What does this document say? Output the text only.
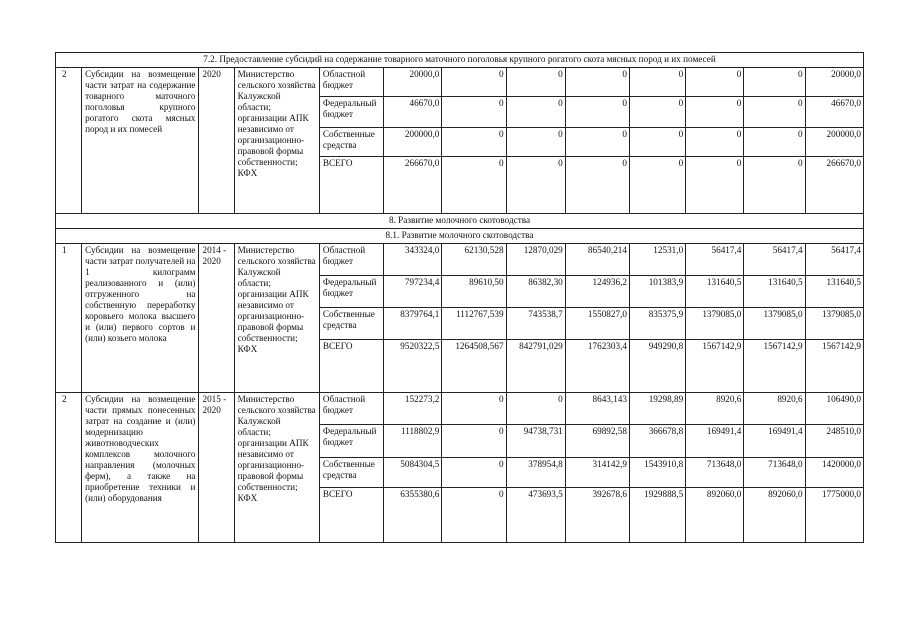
7.2. Предоставление субсидий на содержание товарного маточного поголовья крупного рогатого скота мясных пород и их помесей												
2	Субсидии на возмещение части затрат на содержание товарного маточного поголовья крупного рогатого скота мясных пород и их помесей	2020	Министерство сельского хозяйства Калужской области; организации АПК независимо от организационно-правовой формы собственности; КФХ	Областной бюджет	20000,0	0	0	0	0	0	0	20000,0
				Федеральный бюджет	46670,0	0	0	0	0	0	0	46670,0
				Собственные средства	200000,0	0	0	0	0	0	0	200000,0
				ВСЕГО	266670,0	0	0	0	0	0	0	266670,0
8. Развитие молочного скотоводства												
8.1. Развитие молочного скотоводства												
1	Субсидии на возмещение части затрат получателей на 1 килограмм реализованного и (или) отгруженного на собственную переработку коровьего молока высшего и (или) первого сортов и (или) козьего молока	2014 - 2020	Министерство сельского хозяйства Калужской области; организации АПК независимо от организационно-правовой формы собственности; КФХ	Областной бюджет	343324,0	62130,528	12870,029	86540,214	12531,0	56417,4	56417,4	56417,4
				Федеральный бюджет	797234,4	89610,50	86382,30	124936,2	101383,9	131640,5	131640,5	131640,5
				Собственные средства	8379764,1	1112767,539	743538,7	1550827,0	835375,9	1379085,0	1379085,0	1379085,0
				ВСЕГО	9520322,5	1264508,567	842791,029	1762303,4	949290,8	1567142,9	1567142,9	1567142,9
2	Субсидии на возмещение части прямых понесенных затрат на создание и (или) модернизацию животноводческих комплексов молочного направления (молочных ферм), а также на приобретение техники и (или) оборудования	2015 - 2020	Министерство сельского хозяйства Калужской области; организации АПК независимо от организационно-правовой формы собственности; КФХ	Областной бюджет	152273,2	0	0	8643,143	19298,89	8920,6	8920,6	106490,0
				Федеральный бюджет	1118802,9	0	94738,731	69892,58	366678,8	169491,4	169491,4	248510,0
				Собственные средства	5084304,5	0	378954,8	314142,9	1543910,8	713648,0	713648,0	1420000,0
				ВСЕГО	6355380,6	0	473693,5	392678,6	1929888,5	892060,0	892060,0	1775000,0
